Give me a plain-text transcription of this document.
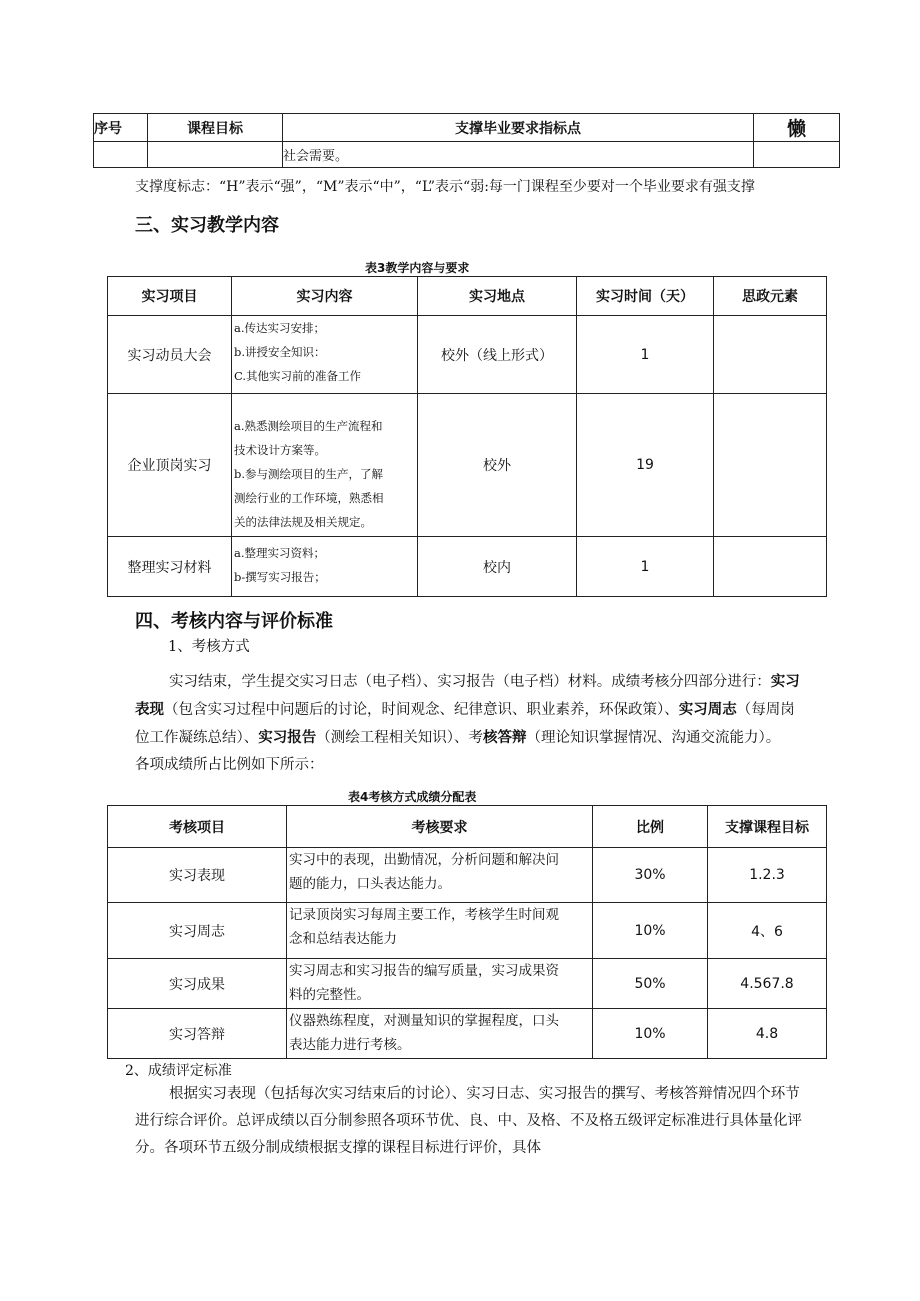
序号	课程目标	支撑毕业要求指标点	懒
		社会需要。	
支撑度标志：“H”表示“强”，“M”表示“中”，“L”表示“弱:每一门课程至少要对一个毕业要求有强支撑
三、实习教学内容
表3教学内容与要求
实习项目	实习内容	实习地点	实习时间（天）	思政元素
实习动员大会	a.传达实习安排；
b.讲授安全知识：
C.其他实习前的准备工作	校外（线上形式）	1	
企业顶岗实习	a.熟悉测绘项目的生产流程和
技术设计方案等。
b.参与测绘项目的生产，了解
测绘行业的工作环境，熟悉相
关的法律法规及相关规定。	校外	19	
整理实习材料	a.整理实习资料；
b-撰写实习报告；	校内	1	
四、考核内容与评价标准
1、考核方式
实习结束，学生提交实习日志（电子档）、实习报告（电子档）材料。成绩考核分四部分进行：实习
表现（包含实习过程中问题后的讨论，时间观念、纪律意识、职业素养，环保政策）、实习周志（每周岗
位工作凝练总结）、实习报告（测绘工程相关知识）、考核答辩（理论知识掌握情况、沟通交流能力）。
各项成绩所占比例如下所示：
表4考核方式成绩分配表
考核项目	考核要求	比例	支撑课程目标
实习表现	实习中的表现，出勤情况，分析问题和解决问
题的能力，口头表达能力。	30%	1.2.3
实习周志	记录顶岗实习每周主要工作，考核学生时间观
念和总结表达能力	10%	4、6
实习成果	实习周志和实习报告的编写质量，实习成果资
料的完整性。	50%	4.567.8
实习答辩	仪器熟练程度，对测量知识的掌握程度，口头
表达能力进行考核。	10%	4.8
2、成绩评定标准
根据实习表现（包括每次实习结束后的讨论）、实习日志、实习报告的撰写、考核答辩情况四个环节
进行综合评价。总评成绩以百分制参照各项环节优、良、中、及格、不及格五级评定标准进行具体量化评
分。各项环节五级分制成绩根据支撑的课程目标进行评价，具体
